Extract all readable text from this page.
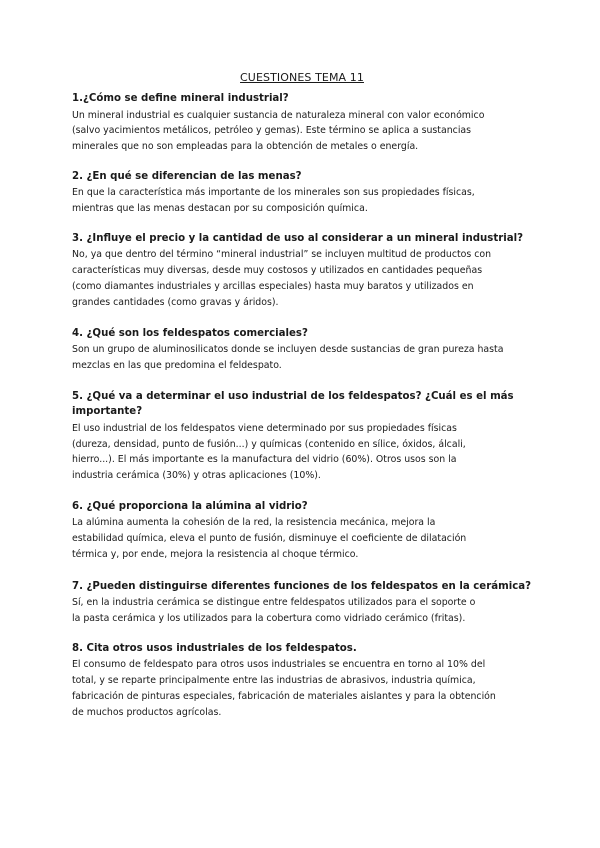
CUESTIONES TEMA 11
1.¿Cómo se define mineral industrial?
Un mineral industrial es cualquier sustancia de naturaleza mineral con valor económico
(salvo yacimientos metálicos, petróleo y gemas). Este término se aplica a sustancias
minerales que no son empleadas para la obtención de metales o energía.
2. ¿En qué se diferencian de las menas?
En que la característica más importante de los minerales son sus propiedades físicas,
mientras que las menas destacan por su composición química.
3. ¿Influye el precio y la cantidad de uso al considerar a un mineral industrial?
No, ya que dentro del término “mineral industrial” se incluyen multitud de productos con
características muy diversas, desde muy costosos y utilizados en cantidades pequeñas
(como diamantes industriales y arcillas especiales) hasta muy baratos y utilizados en
grandes cantidades (como gravas y áridos).
4. ¿Qué son los feldespatos comerciales?
Son un grupo de aluminosilicatos donde se incluyen desde sustancias de gran pureza hasta
mezclas en las que predomina el feldespato.
5. ¿Qué va a determinar el uso industrial de los feldespatos? ¿Cuál es el más
importante?
El uso industrial de los feldespatos viene determinado por sus propiedades físicas
(dureza, densidad, punto de fusión...) y químicas (contenido en sílice, óxidos, álcali,
hierro...). El más importante es la manufactura del vidrio (60%). Otros usos son la
industria cerámica (30%) y otras aplicaciones (10%).
6. ¿Qué proporciona la alúmina al vidrio?
La alúmina aumenta la cohesión de la red, la resistencia mecánica, mejora la
estabilidad química, eleva el punto de fusión, disminuye el coeficiente de dilatación
térmica y, por ende, mejora la resistencia al choque térmico.
7. ¿Pueden distinguirse diferentes funciones de los feldespatos en la cerámica?
Sí, en la industria cerámica se distingue entre feldespatos utilizados para el soporte o
la pasta cerámica y los utilizados para la cobertura como vidriado cerámico (fritas).
8. Cita otros usos industriales de los feldespatos.
El consumo de feldespato para otros usos industriales se encuentra en torno al 10% del
total, y se reparte principalmente entre las industrias de abrasivos, industria química,
fabricación de pinturas especiales, fabricación de materiales aislantes y para la obtención
de muchos productos agrícolas.
